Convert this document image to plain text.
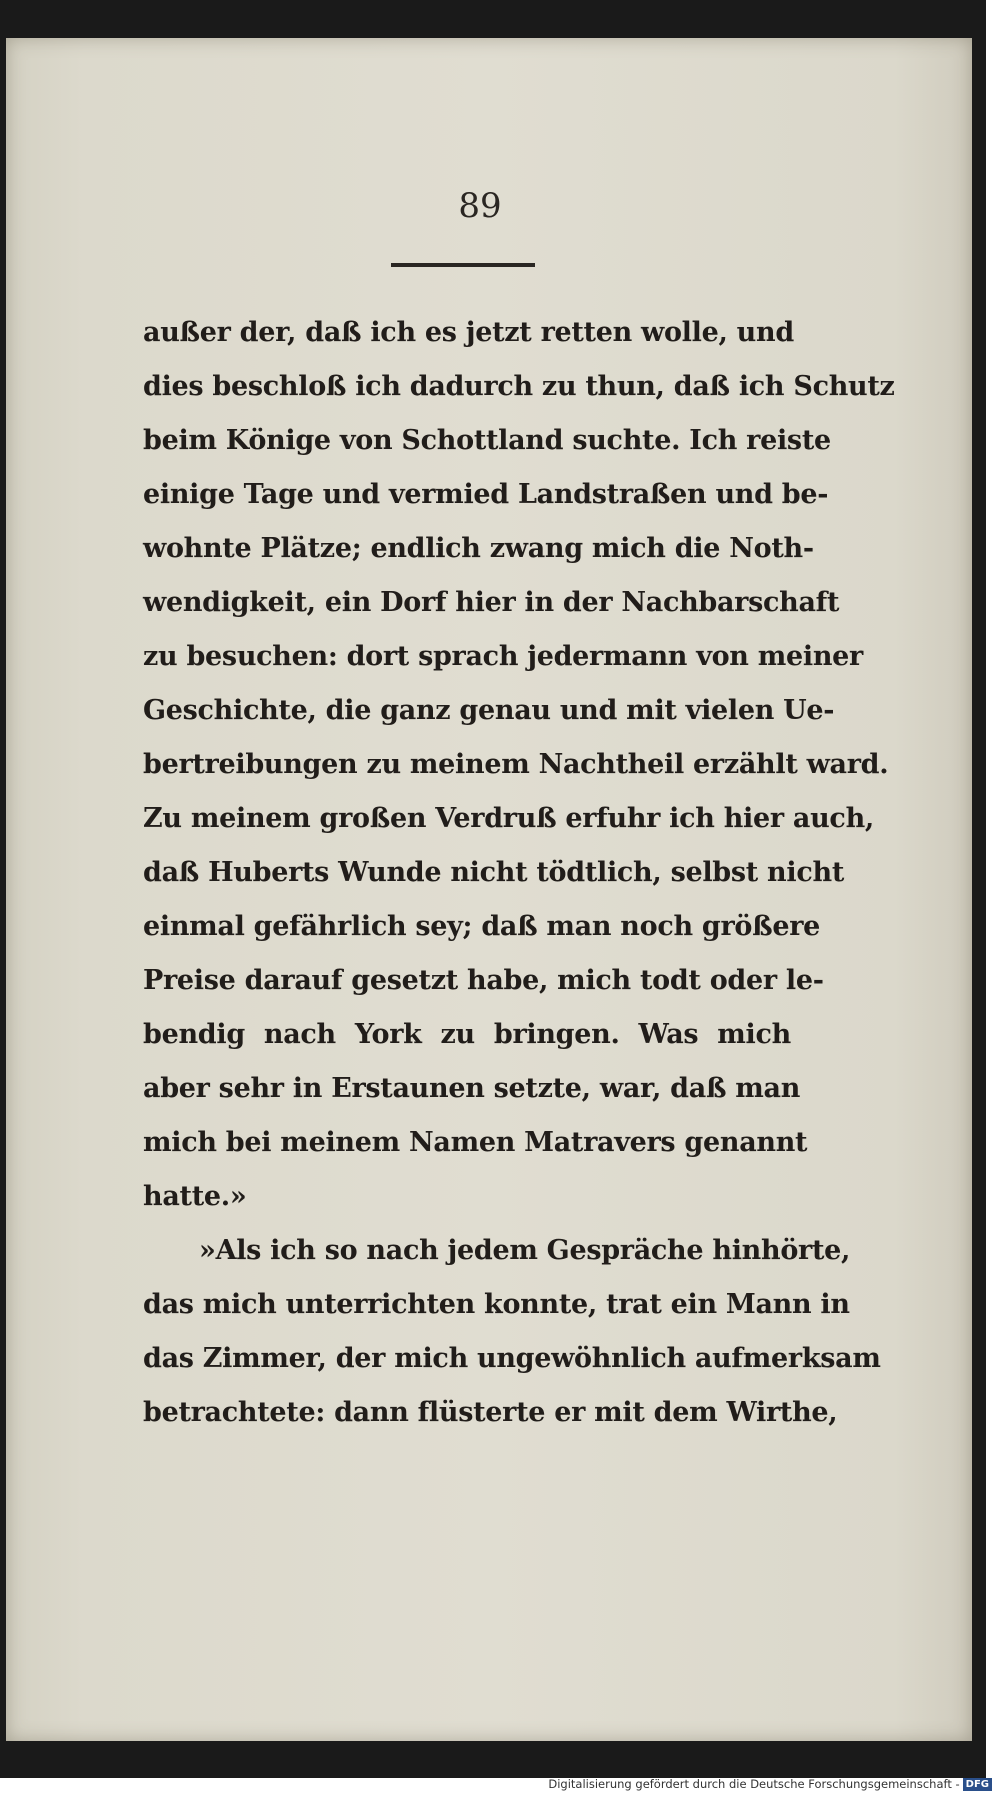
89
außer der, daß ich es jetzt retten wolle, und
dies beschloß ich dadurch zu thun, daß ich Schutz
beim Könige von Schottland suchte. Ich reiste
einige Tage und vermied Landstraßen und be-
wohnte Plätze; endlich zwang mich die Noth-
wendigkeit, ein Dorf hier in der Nachbarschaft
zu besuchen: dort sprach jedermann von meiner
Geschichte, die ganz genau und mit vielen Ue-
bertreibungen zu meinem Nachtheil erzählt ward.
Zu meinem großen Verdruß erfuhr ich hier auch,
daß Huberts Wunde nicht tödtlich, selbst nicht
einmal gefährlich sey; daß man noch größere
Preise darauf gesetzt habe, mich todt oder le-
bendig nach York zu bringen. Was mich
aber sehr in Erstaunen setzte, war, daß man
mich bei meinem Namen Matravers genannt
hatte.»
»Als ich so nach jedem Gespräche hinhörte,
das mich unterrichten konnte, trat ein Mann in
das Zimmer, der mich ungewöhnlich aufmerksam
betrachtete: dann flüsterte er mit dem Wirthe,
Digitalisierung gefördert durch die Deutsche Forschungsgemeinschaft - DFG
